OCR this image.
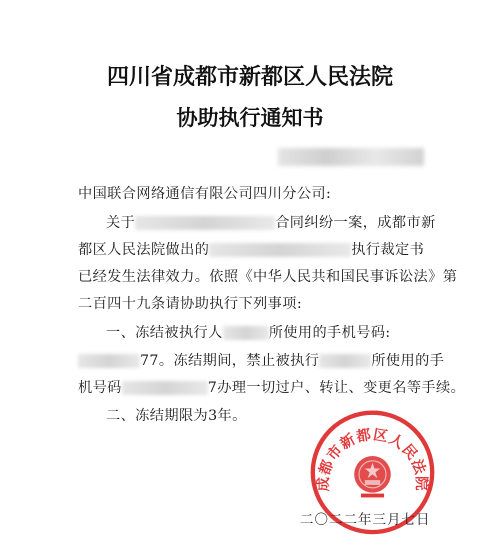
四川省成都市新都区人民法院
协助执行通知书
中国联合网络通信有限公司四川分公司:
关于	合同纠纷一案，成都市新
都区人民法院做出的	执行裁定书
已经发生法律效力。依照《中华人民共和国民事诉讼法》第
二百四十九条请协助执行下列事项:
一、冻结被执行人	所使用的手机号码:
77。冻结期间，禁止被执行	所使用的手
机号码	7办理一切过户、转让、变更名等手续。
二、冻结期限为3年。
成都市新都区人民法院
二〇二二年三月七日
